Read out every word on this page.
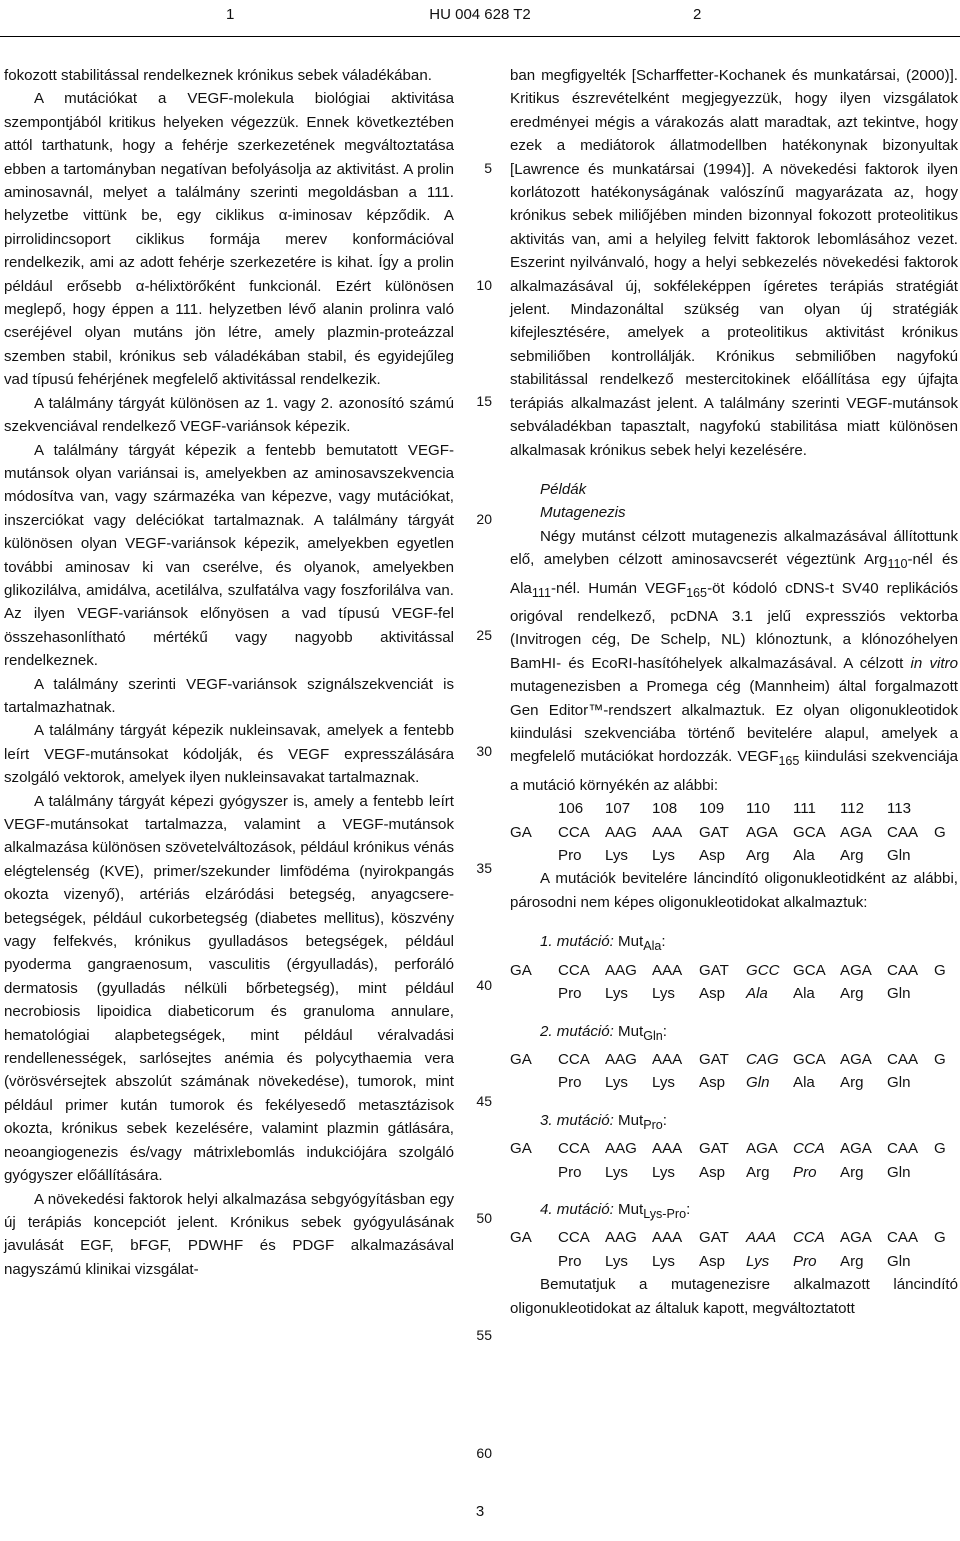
1	HU 004 628 T2	2

fokozott stabilitással rendelkeznek krónikus sebek váladékában.

A mutációkat a VEGF-molekula biológiai aktivitása szempontjából kritikus helyeken végezzük. Ennek következtében attól tarthatunk, hogy a fehérje szerkezetének megváltoztatása ebben a tartományban negatívan befolyásolja az aktivitást. A prolin aminosavnál, melyet a találmány szerinti megoldásban a 111. helyzetbe vittünk be, egy ciklikus α-iminosav képződik. A pirrolidincsoport ciklikus formája merev konformációval rendelkezik, ami az adott fehérje szerkezetére is kihat. Így a prolin például erősebb α-hélixtörőként funkcionál. Ezért különösen meglepő, hogy éppen a 111. helyzetben lévő alanin prolinra való cseréjével olyan mutáns jön létre, amely plazmin-proteázzal szemben stabil, krónikus seb váladékában stabil, és egyidejűleg vad típusú fehérjének megfelelő aktivitással rendelkezik.

A találmány tárgyát különösen az 1. vagy 2. azonosító számú szekvenciával rendelkező VEGF-variánsok képezik.

A találmány tárgyát képezik a fentebb bemutatott VEGF-mutánsok olyan variánsai is, amelyekben az aminosavszekvencia módosítva van, vagy származéka van képezve, vagy mutációkat, inszerciókat vagy deléciókat tartalmaznak. A találmány tárgyát különösen olyan VEGF-variánsok képezik, amelyekben egyetlen további aminosav ki van cserélve, és olyanok, amelyekben glikozilálva, amidálva, acetilálva, szulfatálva vagy foszforilálva van. Az ilyen VEGF-variánsok előnyösen a vad típusú VEGF-fel összehasonlítható mértékű vagy nagyobb aktivitással rendelkeznek.

A találmány szerinti VEGF-variánsok szignálszekvenciát is tartalmazhatnak.

A találmány tárgyát képezik nukleinsavak, amelyek a fentebb leírt VEGF-mutánsokat kódolják, és VEGF expresszálására szolgáló vektorok, amelyek ilyen nukleinsavakat tartalmaznak.

A találmány tárgyát képezi gyógyszer is, amely a fentebb leírt VEGF-mutánsokat tartalmazza, valamint a VEGF-mutánsok alkalmazása különösen szövetelváltozások, például krónikus vénás elégtelenség (KVE), primer/szekunder limfödéma (nyirokpangás okozta vizenyő), artériás elzáródási betegség, anyagcsere-betegségek, például cukorbetegség (diabetes mellitus), köszvény vagy felfekvés, krónikus gyulladásos betegségek, például pyoderma gangraenosum, vasculitis (érgyulladás), perforáló dermatosis (gyulladás nélküli bőrbetegség), mint például necrobiosis lipoidica diabeticorum és granuloma annulare, hematológiai alapbetegségek, mint például véralvadási rendellenességek, sarlósejtes anémia és polycythaemia vera (vörösvérsejtek abszolút számának növekedése), tumorok, mint például primer kután tumorok és fekélyesedő metasztázisok okozta, krónikus sebek kezelésére, valamint plazmin gátlására, neoangiogenezis és/vagy mátrixlebomlás indukciójára szolgáló gyógyszer előállítására.

A növekedési faktorok helyi alkalmazása sebgyógyításban egy új terápiás koncepciót jelent. Krónikus sebek gyógyulásának javulását EGF, bFGF, PDWHF és PDGF alkalmazásával nagyszámú klinikai vizsgálat-

5
10
15
20
25
30
35
40
45
50
55
60

ban megfigyelték [Scharffetter-Kochanek és munkatársai, (2000)]. Kritikus észrevételként megjegyezzük, hogy ilyen vizsgálatok eredményei mégis a várakozás alatt maradtak, azt tekintve, hogy ezek a mediátorok állatmodellben hatékonynak bizonyultak [Lawrence és munkatársai (1994)]. A növekedési faktorok ilyen korlátozott hatékonyságának valószínű magyarázata az, hogy krónikus sebek miliőjében minden bizonnyal fokozott proteolitikus aktivitás van, ami a helyileg felvitt faktorok lebomlásához vezet. Eszerint nyilvánvaló, hogy a helyi sebkezelés növekedési faktorok alkalmazásával új, sokféleképpen ígéretes terápiás stratégiát jelent. Mindazonáltal szükség van olyan új stratégiák kifejlesztésére, amelyek a proteolitikus aktivitást krónikus sebmiliőben kontrollálják. Krónikus sebmiliőben nagyfokú stabilitással rendelkező mestercitokinek előállítása egy újfajta terápiás alkalmazást jelent. A találmány szerinti VEGF-mutánsok sebváladékban tapasztalt, nagyfokú stabilitása miatt különösen alkalmasak krónikus sebek helyi kezelésére.

Példák

Mutagenezis

Négy mutánst célzott mutagenezis alkalmazásával állítottunk elő, amelyben célzott aminosavcserét végeztünk Arg$_{110}$-nél és Ala$_{111}$-nél. Humán $VEGF_{165}-öt$ kódoló cDNS-t SV40 replikációs origóval rendelkező, pcDNA 3.1 jelű expressziós vektorba (Invitrogen cég, De Schelp, NL) klónoztunk, a klónozóhelyen BamHI- és EcoRI-hasítóhelyek alkalmazásával. A célzott in vitro mutagenezisben a Promega cég (Mannheim) által forgalmazott Gen Editor™-rendszert alkalmaztuk. Ez olyan oligonukleotidok kiindulási szekvenciába történő bevitelére alapul, amelyek a megfelelő mutációkat hordozzák. $VEGF_{165}$ kiindulási szekvenciája a mutáció környékén az alábbi:

106 107 108 109 110 111 112 113
GA CCA AAG AAA GAT AGA GCA AGA CAA G
Pro Lys Lys Asp Arg Ala Arg Gln

A mutációk bevitelére láncindító oligonukleotidként az alábbi, párosodni nem képes oligonukleotidokat alkalmaztuk:

1. mutáció: Mut$_{Ala}$:

GA CCA AAG AAA GAT GCC GCA AGA CAA G
Pro Lys Lys Asp Ala Ala Arg Gln

2. mutáció: Mut$_{Gln}$:

GA CCA AAG AAA GAT CAG GCA AGA CAA G
Pro Lys Lys Asp Gln Ala Arg Gln

3. mutáció: Mut$_{Pro}$:

GA CCA AAG AAA GAT AGA CCA AGA CAA G
Pro Lys Lys Asp Arg Pro Arg Gln

4. mutáció: Mut$_{Lys-Pro}$:

GA CCA AAG AAA GAT AAA CCA AGA CAA G
Pro Lys Lys Asp Lys Pro Arg Gln

Bemutatjuk a mutagenezisre alkalmazott láncindító oligonukleotidokat az általuk kapott, megváltoztatott

3
